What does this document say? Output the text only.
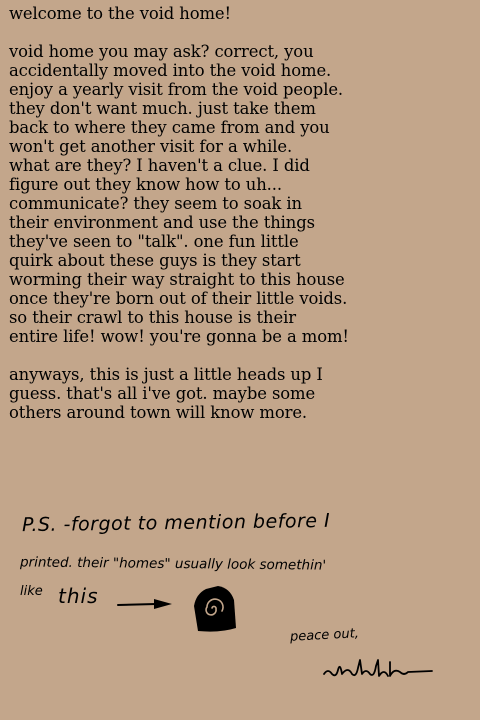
welcome to the void home!

void home you may ask? correct, you
accidentally moved into the void home.
enjoy a yearly visit from the void people.
they don't want much. just take them
back to where they came from and you
won't get another visit for a while.
what are they? I haven't a clue. I did
figure out they know how to uh...
communicate? they seem to soak in
their environment and use the things
they've seen to "talk". one fun little
quirk about these guys is they start
worming their way straight to this house
once they're born out of their little voids.
so their crawl to this house is their
entire life! wow! you're gonna be a mom!

anyways, this is just a little heads up I
guess. that's all i've got. maybe some
others around town will know more.

P.S. -forgot to mention before I
printed. their "homes" usually look somethin'
like this
peace out,
